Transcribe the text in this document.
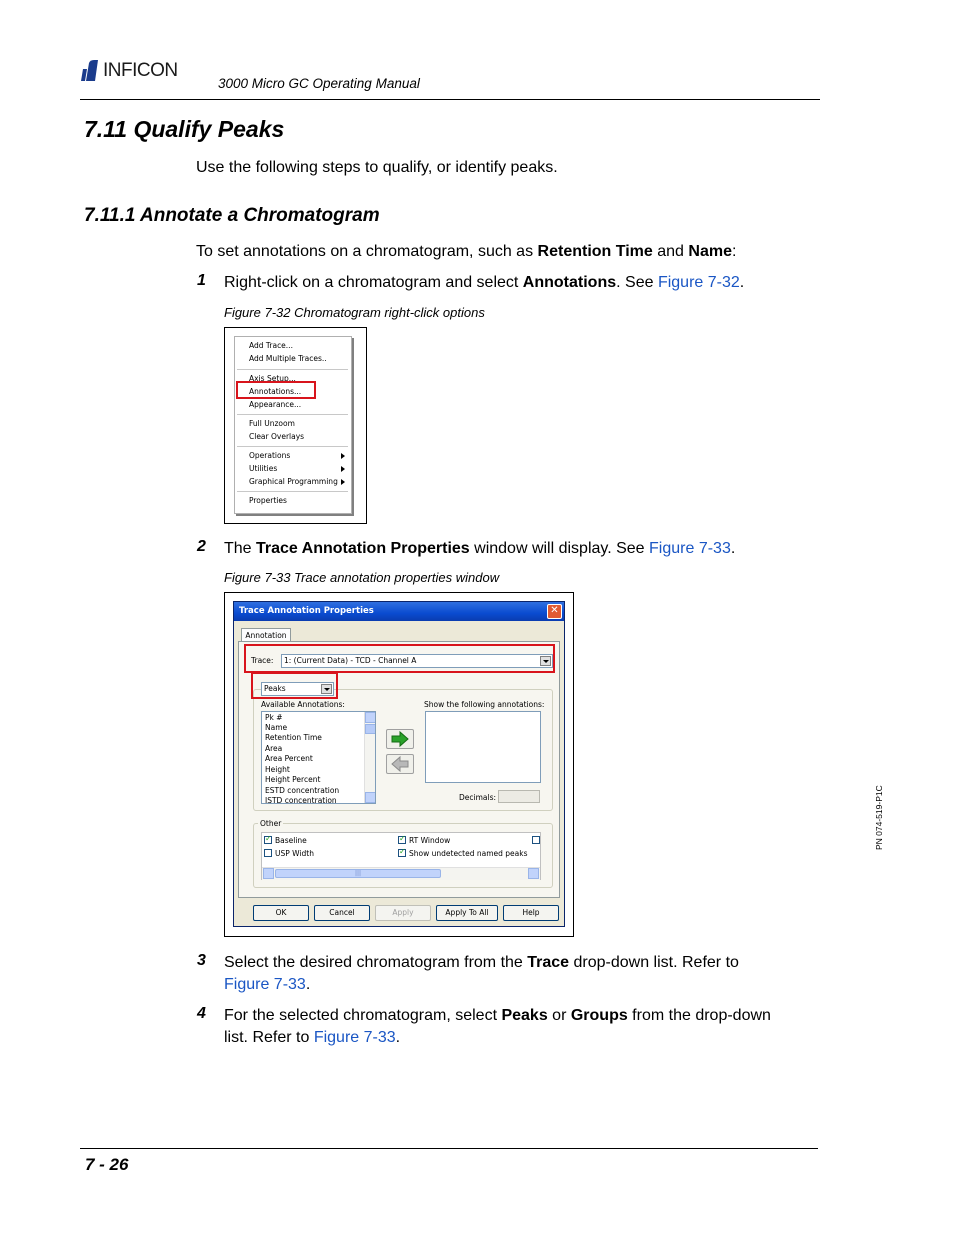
INFICON
3000 Micro GC Operating Manual
7.11 Qualify Peaks
Use the following steps to qualify, or identify peaks.
7.11.1 Annotate a Chromatogram
To set annotations on a chromatogram, such as Retention Time and Name:
1 Right-click on a chromatogram and select Annotations. See Figure 7-32.
Figure 7-32 Chromatogram right-click options
Add Trace...
Add Multiple Traces..
Axis Setup...
Annotations...
Appearance...
Full Unzoom
Clear Overlays
Operations
Utilities
Graphical Programming
Properties
2 The Trace Annotation Properties window will display. See Figure 7-33.
Figure 7-33 Trace annotation properties window
Trace Annotation Properties	✕
Annotation
Trace:	1: (Current Data) - TCD - Channel A
Peaks
Available Annotations:	Show the following annotations:
Pk #
Name
Retention Time
Area
Area Percent
Height
Height Percent
ESTD concentration
ISTD concentration	Decimals:
Other
✓
Baseline ✓	RT Window
USP Width ✓	Show undetected named peaks
|||
OK	Cancel	Apply	Apply To All	Help
3 Select the desired chromatogram from the Trace drop-down list. Refer to
Figure 7-33.
4 For the selected chromatogram, select Peaks or Groups from the drop-down
list. Refer to Figure 7-33.
PN 074-519-P1C
7 - 26
